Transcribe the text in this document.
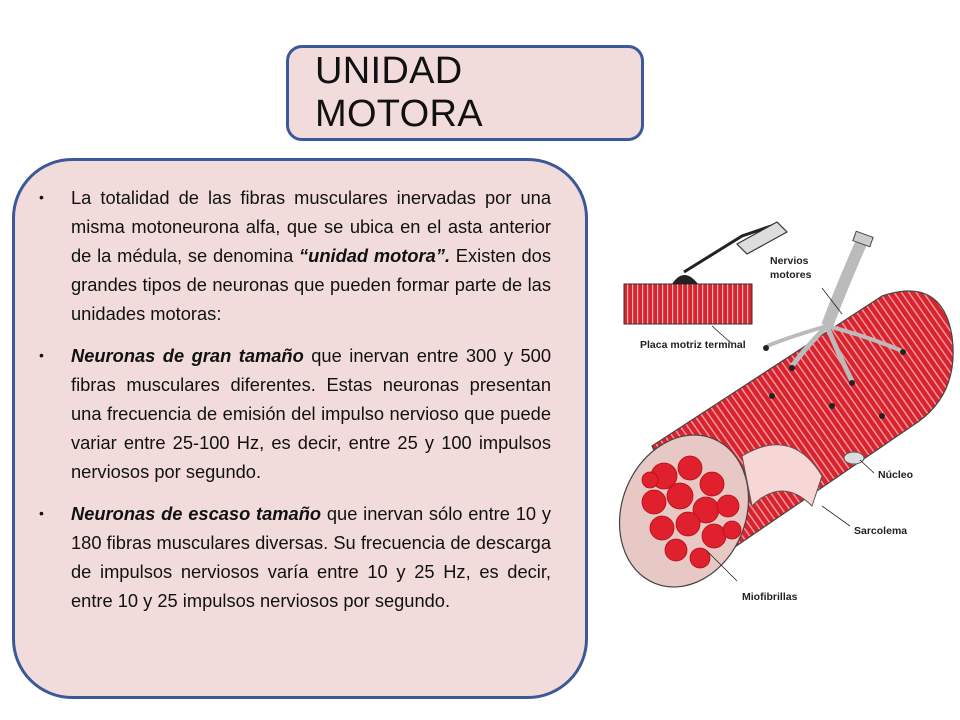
UNIDAD MOTORA
• La totalidad de las fibras musculares inervadas por una misma motoneurona alfa, que se ubica en el asta anterior de la médula, se denomina “unidad motora”. Existen dos grandes tipos de neuronas que pueden formar parte de las unidades motoras:
• Neuronas de gran tamaño que inervan entre 300 y 500 fibras musculares diferentes. Estas neuronas presentan una frecuencia de emisión del impulso nervioso que puede variar entre 25-100 Hz, es decir, entre 25 y 100 impulsos nerviosos por segundo.
• Neuronas de escaso tamaño que inervan sólo entre 10 y 180 fibras musculares diversas. Su frecuencia de descarga de impulsos nerviosos varía entre 10 y 25 Hz, es decir, entre 10 y 25 impulsos nerviosos por segundo.
Nervios
motores
Placa motriz terminal
Núcleo
Sarcolema
Miofibrillas
